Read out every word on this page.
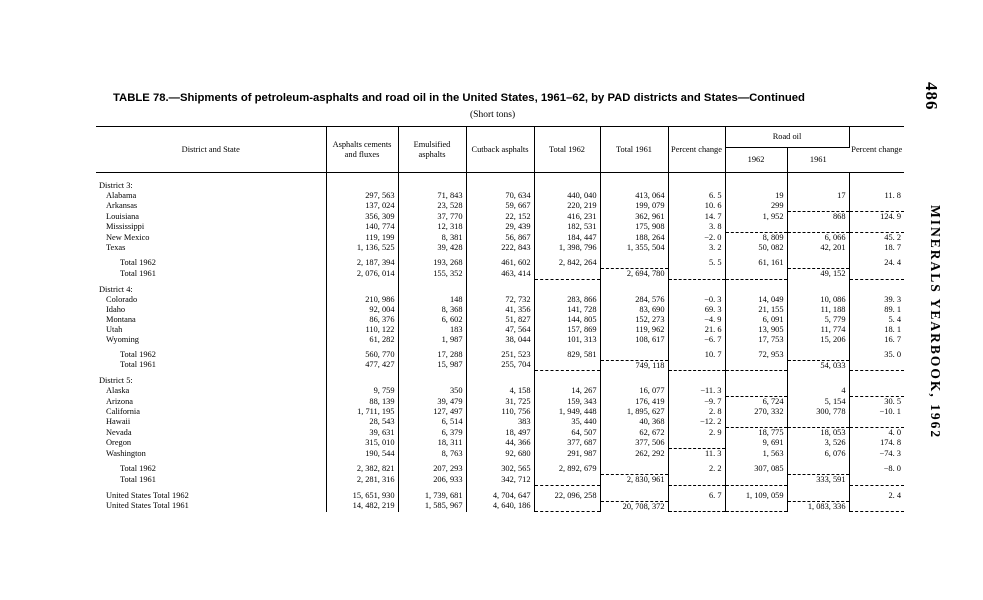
486
MINERALS YEARBOOK, 1962
TABLE 78.—Shipments of petroleum-asphalts and road oil in the United States, 1961–62, by PAD districts and States—Continued
(Short tons)
District and State	Asphalts cements and fluxes	Emulsified asphalts	Cutback asphalts	Total 1962	Total 1961	Percent change	Road oil		Percent change
							1962	1961	
District 3:									
Alabama	297, 563	71, 843	70, 634	440, 040	413, 064	6. 5	19	17	11. 8
Arkansas	137, 024	23, 528	59, 667	220, 219	199, 079	10. 6	299		
Louisiana	356, 309	37, 770	22, 152	416, 231	362, 961	14. 7	1, 952	868	124. 9
Mississippi	140, 774	12, 318	29, 439	182, 531	175, 908	3. 8			
New Mexico	119, 199	8, 381	56, 867	184, 447	188, 264	−2. 0	8, 809	6, 066	45. 2
Texas	1, 136, 525	39, 428	222, 843	1, 398, 796	1, 355, 504	3. 2	50, 082	42, 201	18. 7

Total 1962	2, 187, 394	193, 268	461, 602	2, 842, 264		5. 5	61, 161		24. 4
Total 1961	2, 076, 014	155, 352	463, 414		2, 694, 780			49, 152	

District 4:									
Colorado	210, 986	148	72, 732	283, 866	284, 576	−0. 3	14, 049	10, 086	39. 3
Idaho	92, 004	8, 368	41, 356	141, 728	83, 690	69. 3	21, 155	11, 188	89. 1
Montana	86, 376	6, 602	51, 827	144, 805	152, 273	−4. 9	6, 091	5, 779	5. 4
Utah	110, 122	183	47, 564	157, 869	119, 962	21. 6	13, 905	11, 774	18. 1
Wyoming	61, 282	1, 987	38, 044	101, 313	108, 617	−6. 7	17, 753	15, 206	16. 7

Total 1962	560, 770	17, 288	251, 523	829, 581		10. 7	72, 953		35. 0
Total 1961	477, 427	15, 987	255, 704		749, 118			54, 033	

District 5:									
Alaska	9, 759	350	4, 158	14, 267	16, 077	−11. 3		4	
Arizona	88, 139	39, 479	31, 725	159, 343	176, 419	−9. 7	6, 724	5, 154	30. 5
California	1, 711, 195	127, 497	110, 756	1, 949, 448	1, 895, 627	2. 8	270, 332	300, 778	−10. 1
Hawaii	28, 543	6, 514	383	35, 440	40, 368	−12. 2			
Nevada	39, 631	6, 379	18, 497	64, 507	62, 672	2. 9	18, 775	18, 053	4. 0
Oregon	315, 010	18, 311	44, 366	377, 687	377, 506		9, 691	3, 526	174. 8
Washington	190, 544	8, 763	92, 680	291, 987	262, 292	11. 3	1, 563	6, 076	−74. 3

Total 1962	2, 382, 821	207, 293	302, 565	2, 892, 679		2. 2	307, 085		−8. 0
Total 1961	2, 281, 316	206, 933	342, 712		2, 830, 961			333, 591	

United States Total 1962	15, 651, 930	1, 739, 681	4, 704, 647	22, 096, 258		6. 7	1, 109, 059		2. 4
United States Total 1961	14, 482, 219	1, 585, 967	4, 640, 186		20, 708, 372			1, 083, 336	
